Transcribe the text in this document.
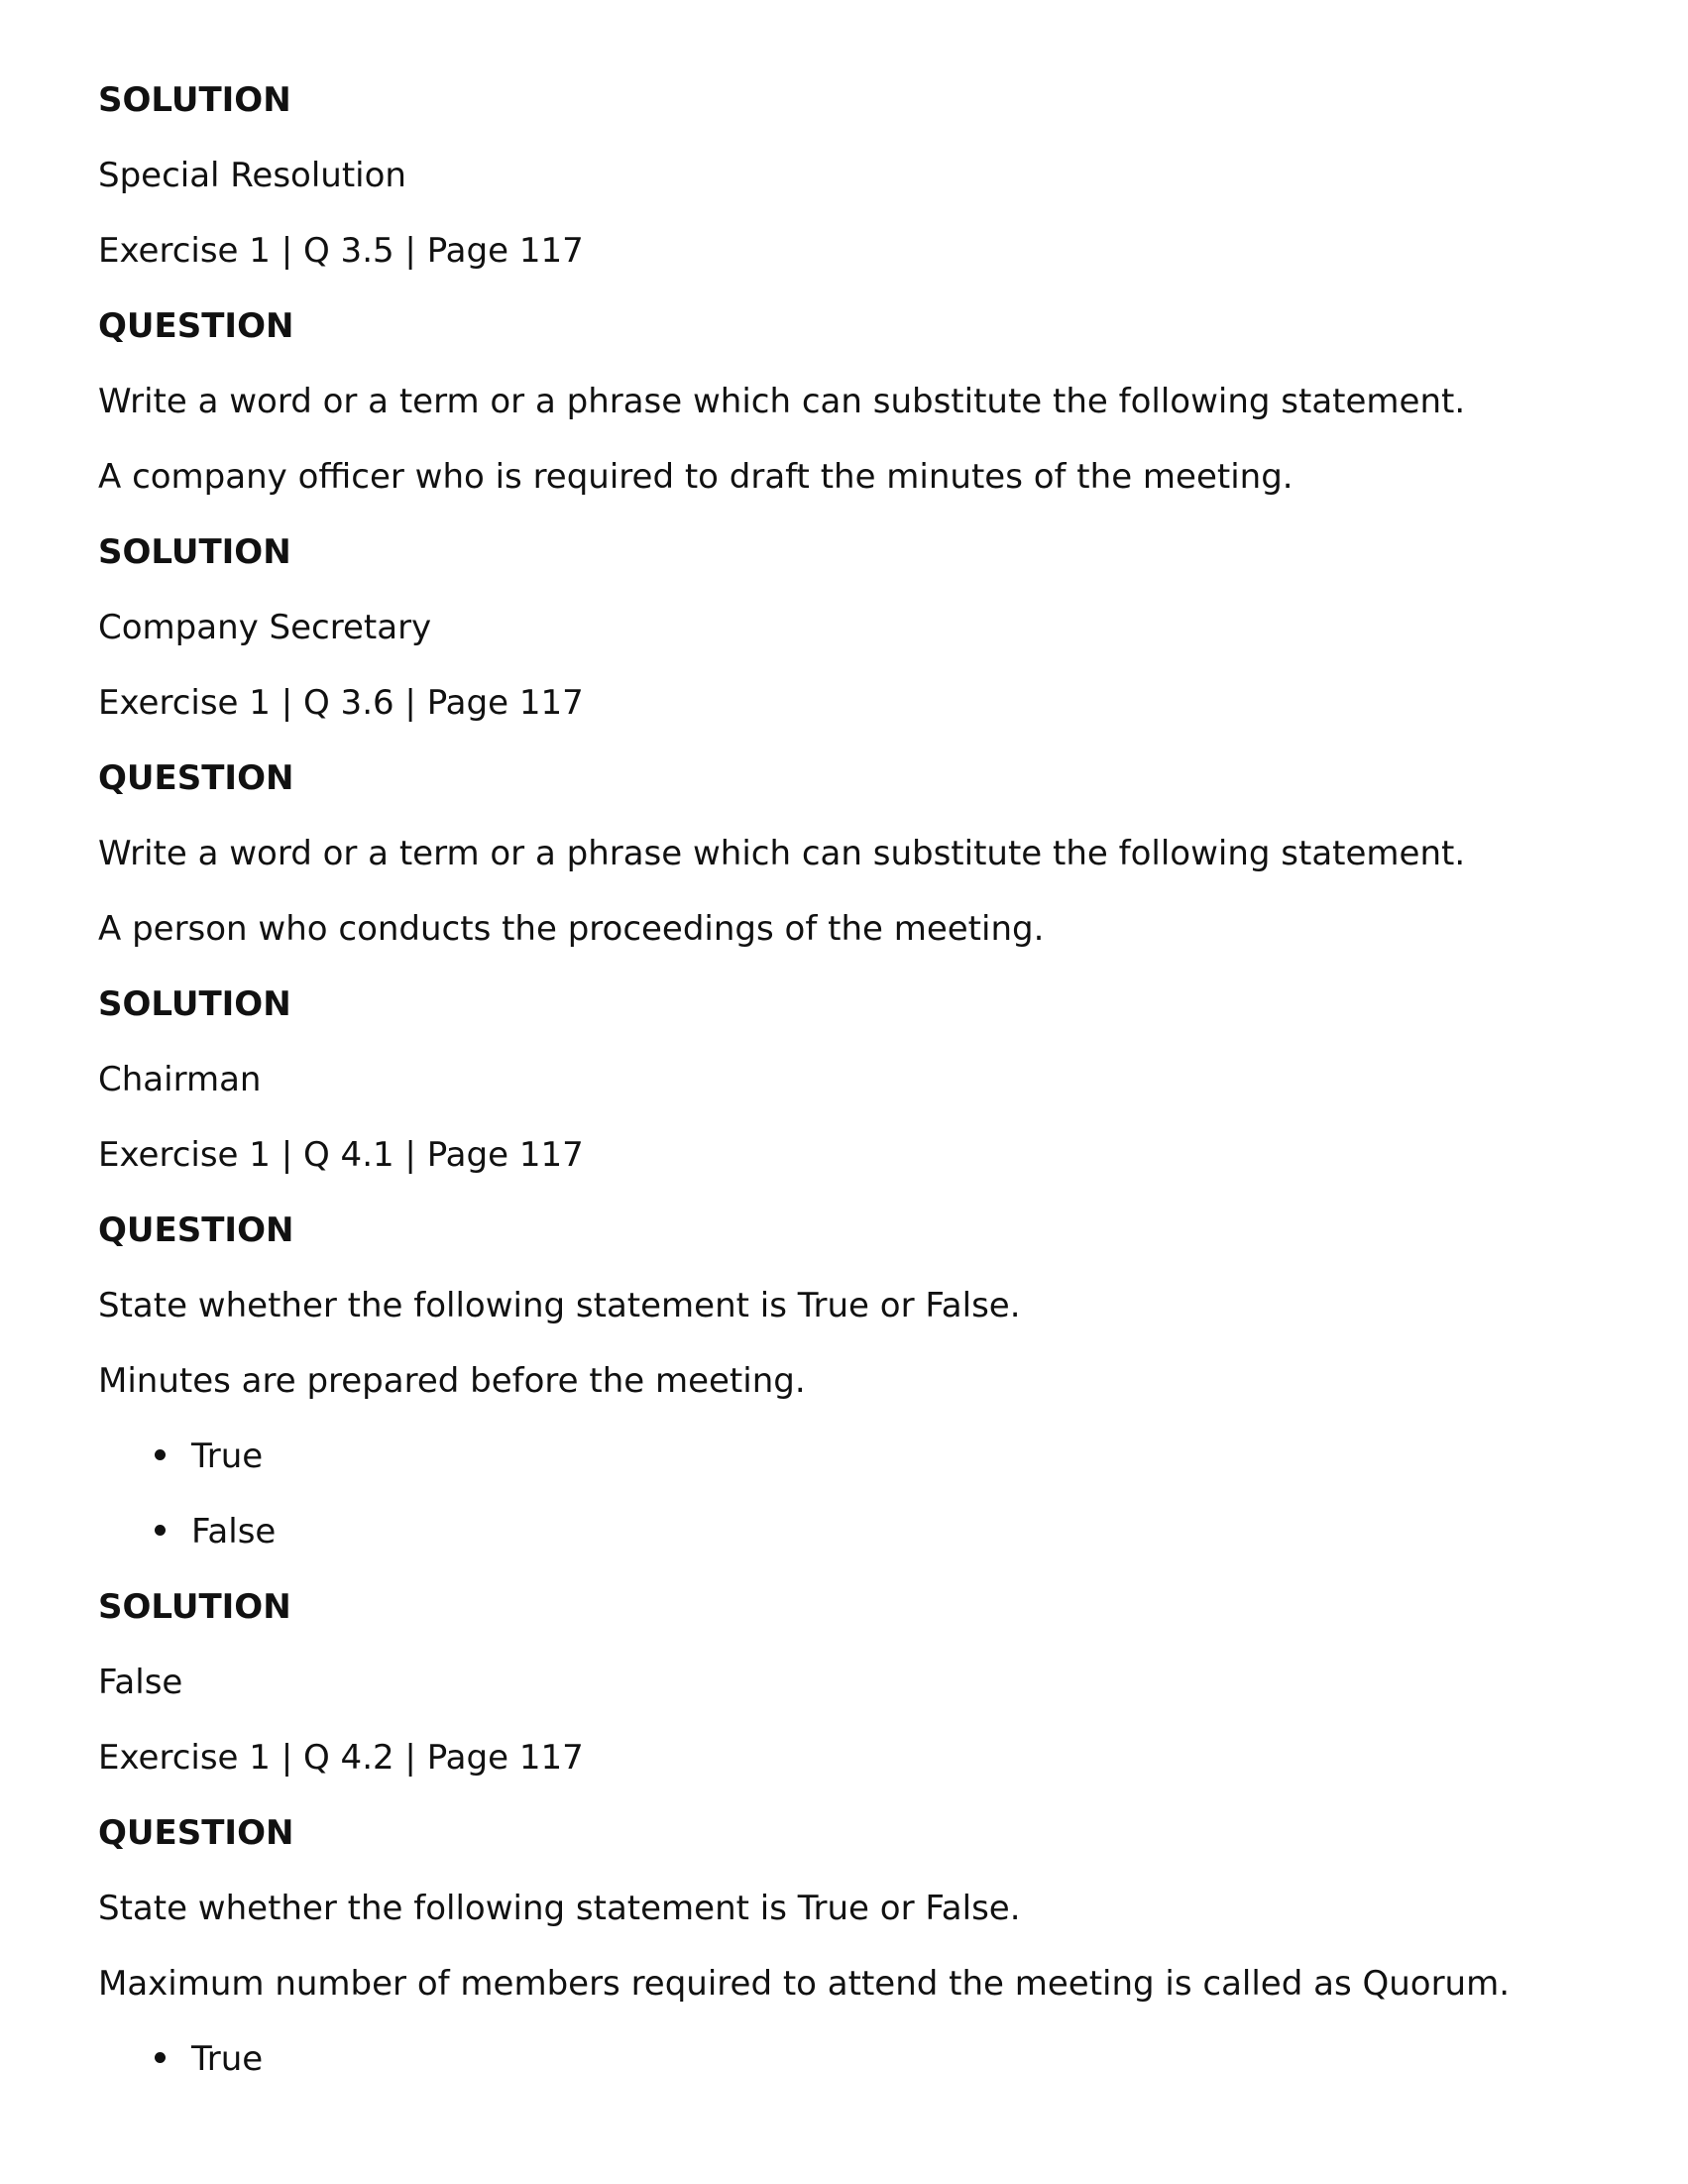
SOLUTION

Special Resolution

Exercise 1 | Q 3.5 | Page 117

QUESTION

Write a word or a term or a phrase which can substitute the following statement.

A company officer who is required to draft the minutes of the meeting.

SOLUTION

Company Secretary

Exercise 1 | Q 3.6 | Page 117

QUESTION

Write a word or a term or a phrase which can substitute the following statement.

A person who conducts the proceedings of the meeting.

SOLUTION

Chairman

Exercise 1 | Q 4.1 | Page 117

QUESTION

State whether the following statement is True or False.

Minutes are prepared before the meeting.

True

False

SOLUTION

False

Exercise 1 | Q 4.2 | Page 117

QUESTION

State whether the following statement is True or False.

Maximum number of members required to attend the meeting is called as Quorum.

True
